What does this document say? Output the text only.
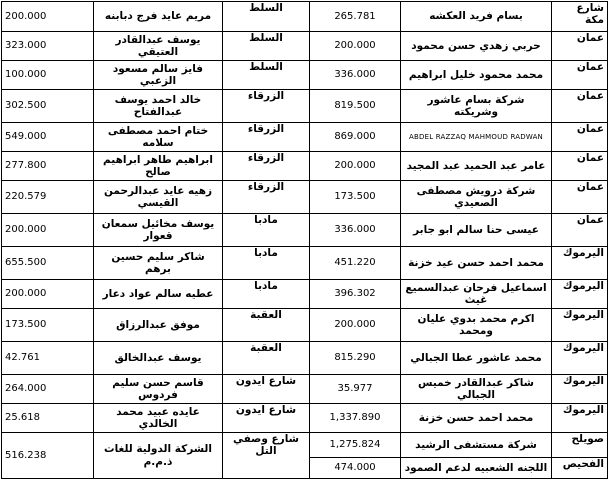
شارع مكة	بسام فريد العكشه	265.781	السلط	مريم عايد فرج دبابنه	200.000
عمان	حربي زهدي حسن محمود	200.000	السلط	يوسف عبدالقادر العتيقي	323.000
عمان	محمد محمود خليل ابراهيم	336.000	السلط	فايز سالم مسعود الزعبي	100.000
عمان	شركة بسام عاشور وشريكته	819.500	الزرقاء	خالد احمد يوسف عبدالفتاح	302.500
عمان	ABDEL RAZZAQ MAHMOUD RADWAN	869.000	الزرقاء	ختام احمد مصطفى سلامه	549.000
عمان	عامر عبد الحميد عبد المجيد	200.000	الزرقاء	ابراهيم طاهر ابراهيم صالح	277.800
عمان	شركة درويش مصطفى الصعيدي	173.500	الزرقاء	زهيه عايد عبدالرحمن القيسي	220.579
عمان	عيسى حنا سالم ابو جابر	336.000	مادبا	يوسف مخائيل سمعان قعوار	200.000
اليرموك	محمد احمد حسن عيد خزنة	451.220	مادبا	شاكر سليم حسين برهم	655.500
اليرموك	اسماعيل فرحان عبدالسميع غيث	396.302	مادبا	عطيه سالم عواد دعار	200.000
اليرموك	اكرم محمد بدوي عليان ومحمد	200.000	العقبة	موفق عبدالرزاق	173.500
اليرموك	محمد عاشور عطا الجبالي	815.290	العقبة	يوسف عبدالخالق	42.761
اليرموك	شاكر عبدالقادر خميس الجبالي	35.977	شارع ايدون	قاسم حسن سليم فردوس	264.000
اليرموك	محمد احمد حسن خزنة	1,337.890	شارع ايدون	عايده عبيد محمد الخالدي	25.618
صويلح	شركة مستشفى الرشيد	1,275.824	شارع وصفي التل	الشركة الدولية للغات ذ.م.م	516.238
الفحيص	اللجنه الشعبيه لدعم الصمود	474.000			
